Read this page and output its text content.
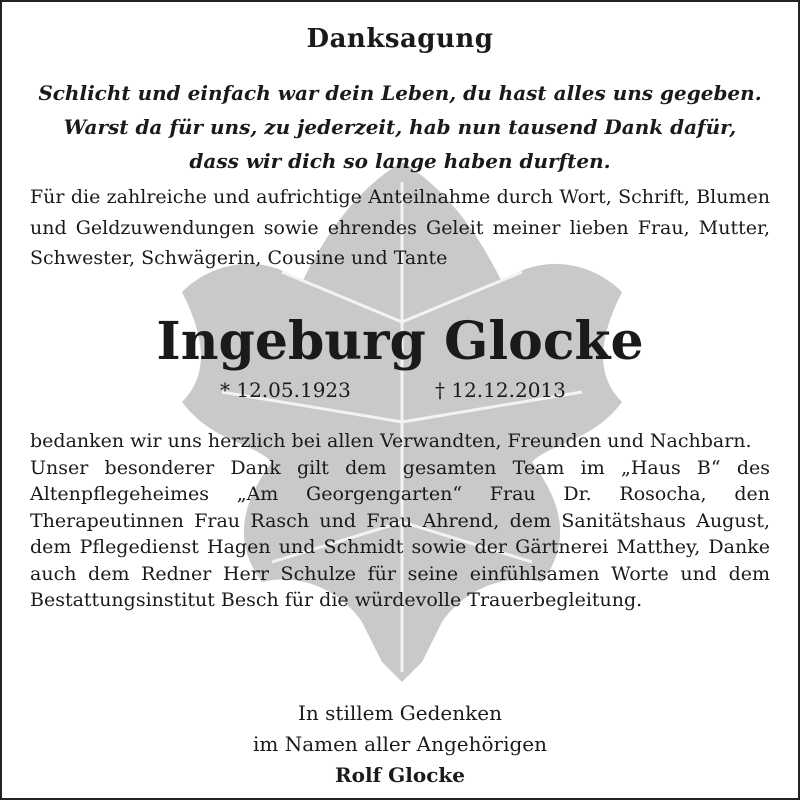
Danksagung
Schlicht und einfach war dein Leben, du hast alles uns gegeben.
Warst da für uns, zu jederzeit, hab nun tausend Dank dafür,
dass wir dich so lange haben durften.
Für die zahlreiche und aufrichtige Anteilnahme durch Wort, Schrift, Blumen und Geldzuwendungen sowie ehrendes Geleit meiner lieben Frau, Mutter, Schwester, Schwägerin, Cousine und Tante
Ingeburg Glocke
* 12.05.1923	† 12.12.2013

bedanken wir uns herzlich bei allen Verwandten, Freunden und Nachbarn.

Unser besonderer Dank gilt dem gesamten Team im „Haus B“ des Altenpflegeheimes „Am Georgengarten“ Frau Dr. Rosocha, den Therapeutinnen Frau Rasch und Frau Ahrend, dem Sanitätshaus August, dem Pflegedienst Hagen und Schmidt sowie der Gärtnerei Matthey, Danke auch dem Redner Herr Schulze für seine einfühlsamen Worte und dem Bestattungsinstitut Besch für die würdevolle Trauerbegleitung.

In stillem Gedenken
im Namen aller Angehörigen
Rolf Glocke
